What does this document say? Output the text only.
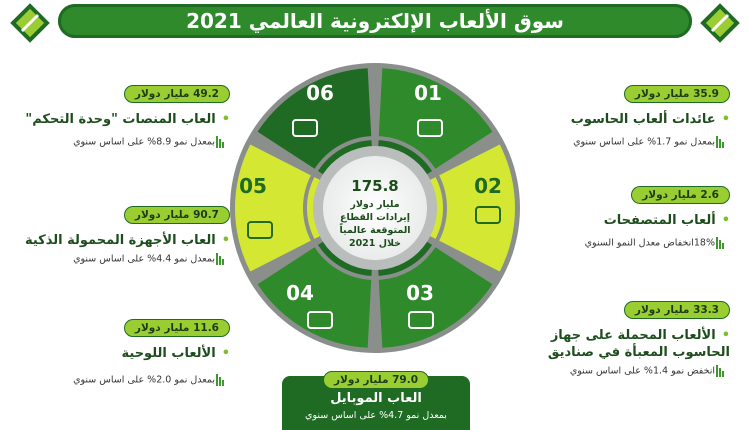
سوق الألعاب الإلكترونية العالمي 2021
01
02
03
04
05
06
175.8
مليار دولار
إيرادات القطاع
المتوقعة عالمياً
خلال 2021
35.9 مليار دولار
•عائدات ألعاب الحاسوب
بمعدل نمو 1.7% على اساس سنوي
2.6 مليار دولار
•ألعاب المتصفحات
18%انخفاض معدل النمو السنوي
33.3 مليار دولار
•الألعاب المحملة على جهاز الحاسوب المعبأة في صناديق
انخفض نمو 1.4% على اساس سنوي
49.2 مليار دولار
•العاب المنصات "وحدة التحكم"
بمعدل نمو 8.9% على اساس سنوي
90.7 مليار دولار
•العاب الأجهزة المحمولة الذكية
بمعدل نمو 4.4% على اساس سنوي
11.6 مليار دولار
•الألعاب اللوحية
بمعدل نمو 2.0% على اساس سنوي	79.0 مليار دولار
العاب الموبايل
بمعدل نمو 4.7% على اساس سنوي
